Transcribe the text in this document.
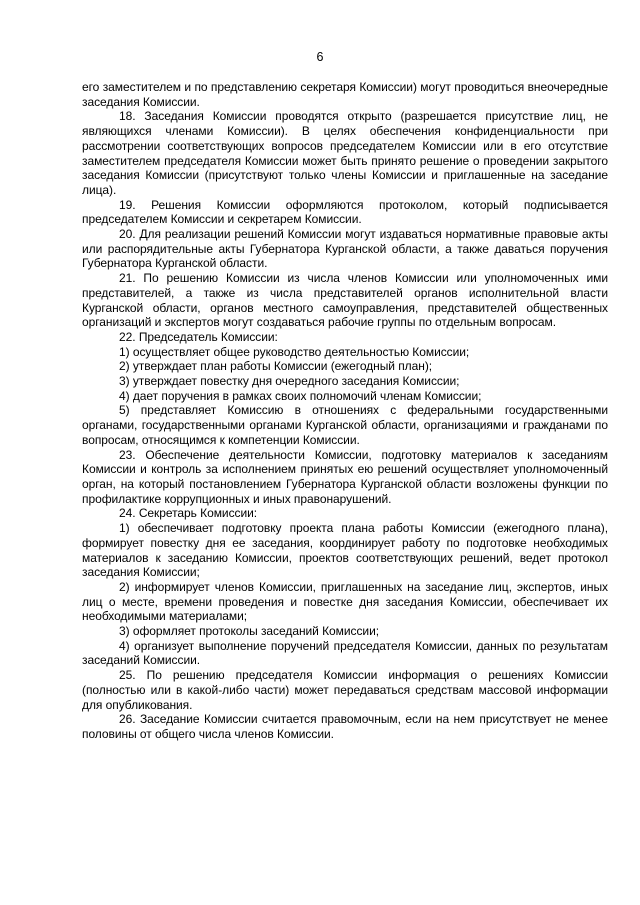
6

его заместителем и по представлению секретаря Комиссии) могут проводиться внеочередные заседания Комиссии.

18. Заседания Комиссии проводятся открыто (разрешается присутствие лиц, не являющихся членами Комиссии). В целях обеспечения конфиденциальности при рассмотрении соответствующих вопросов председателем Комиссии или в его отсутствие заместителем председателя Комиссии может быть принято решение о проведении закрытого заседания Комиссии (присутствуют только члены Комиссии и приглашенные на заседание лица).

19. Решения Комиссии оформляются протоколом, который подписывается председателем Комиссии и секретарем Комиссии.

20. Для реализации решений Комиссии могут издаваться нормативные правовые акты или распорядительные акты Губернатора Курганской области, а также даваться поручения Губернатора Курганской области.

21. По решению Комиссии из числа членов Комиссии или уполномоченных ими представителей, а также из числа представителей органов исполнительной власти Курганской области, органов местного самоуправления, представителей общественных организаций и экспертов могут создаваться рабочие группы по отдельным вопросам.

22. Председатель Комиссии:

1) осуществляет общее руководство деятельностью Комиссии;

2) утверждает план работы Комиссии (ежегодный план);

3) утверждает повестку дня очередного заседания Комиссии;

4) дает поручения в рамках своих полномочий членам Комиссии;

5) представляет Комиссию в отношениях с федеральными государственными органами, государственными органами Курганской области, организациями и гражданами по вопросам, относящимся к компетенции Комиссии.

23. Обеспечение деятельности Комиссии, подготовку материалов к заседаниям Комиссии и контроль за исполнением принятых ею решений осуществляет уполномоченный орган, на который постановлением Губернатора Курганской области возложены функции по профилактике коррупционных и иных правонарушений.

24. Секретарь Комиссии:

1) обеспечивает подготовку проекта плана работы Комиссии (ежегодного плана), формирует повестку дня ее заседания, координирует работу по подготовке необходимых материалов к заседанию Комиссии, проектов соответствующих решений, ведет протокол заседания Комиссии;

2) информирует членов Комиссии, приглашенных на заседание лиц, экспертов, иных лиц о месте, времени проведения и повестке дня заседания Комиссии, обеспечивает их необходимыми материалами;

3) оформляет протоколы заседаний Комиссии;

4) организует выполнение поручений председателя Комиссии, данных по результатам заседаний Комиссии.

25. По решению председателя Комиссии информация о решениях Комиссии (полностью или в какой-либо части) может передаваться средствам массовой информации для опубликования.

26. Заседание Комиссии считается правомочным, если на нем присутствует не менее половины от общего числа членов Комиссии.
